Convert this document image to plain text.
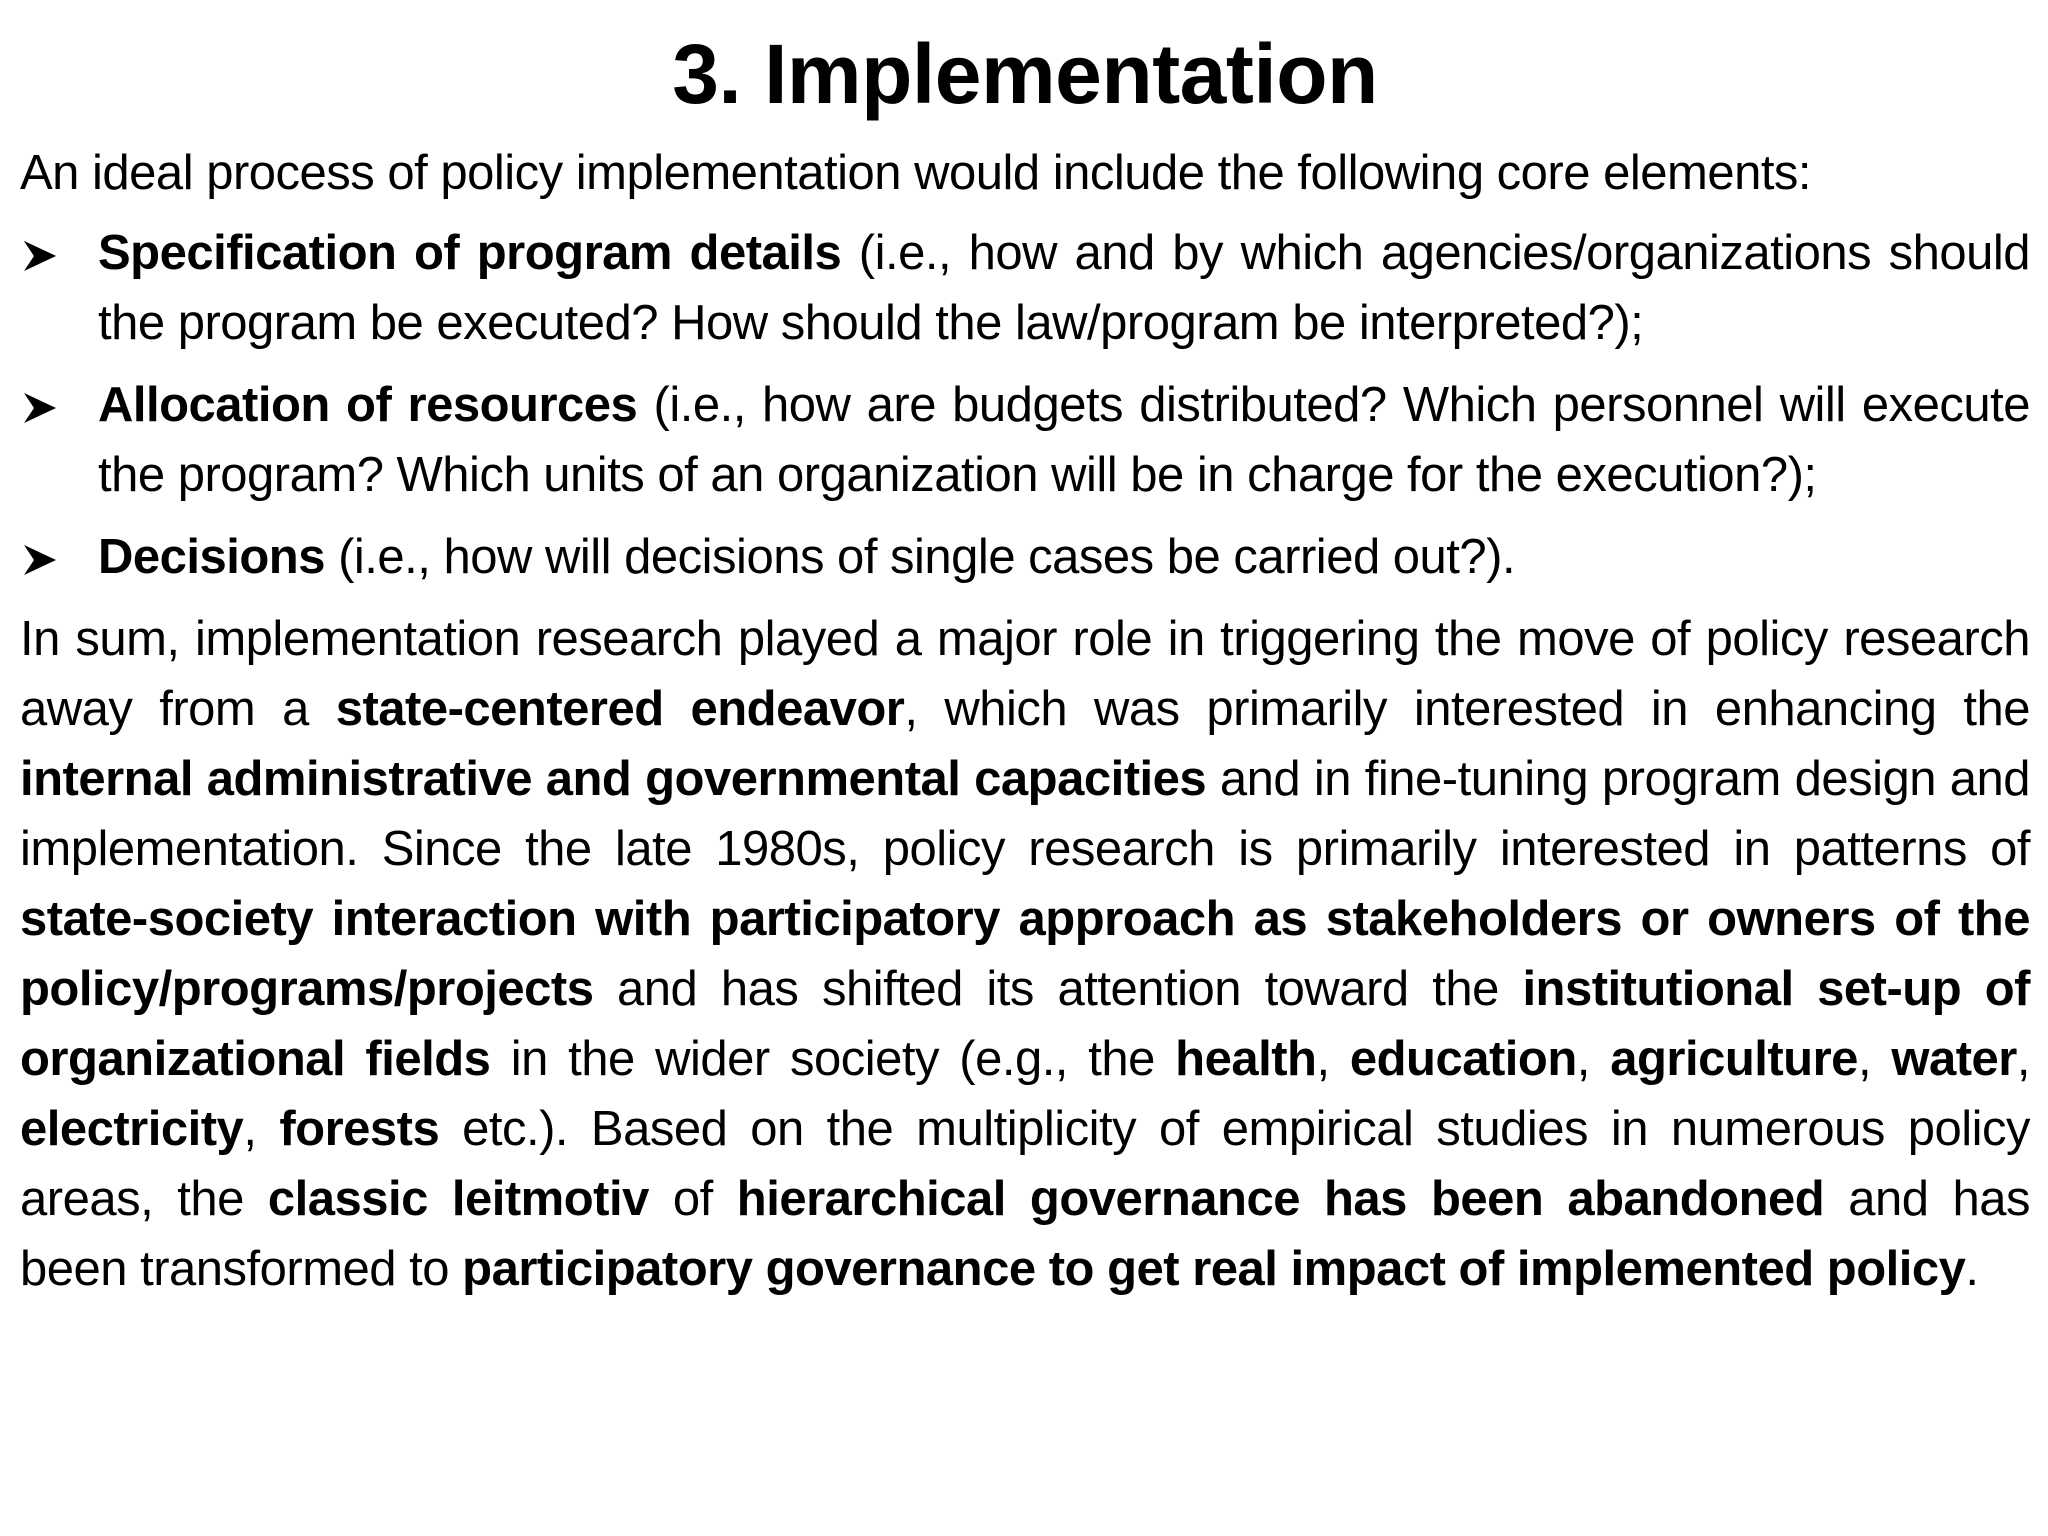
3. Implementation

An ideal process of policy implementation would include the following core elements:

Specification of program details (i.e., how and by which agencies/organizations should the program be executed? How should the law/program be interpreted?);
Allocation of resources (i.e., how are budgets distributed? Which personnel will execute the program? Which units of an organization will be in charge for the execution?);
Decisions (i.e., how will decisions of single cases be carried out?).

In sum, implementation research played a major role in triggering the move of policy research away from a state-centered endeavor, which was primarily interested in enhancing the internal administrative and governmental capacities and in fine-tuning program design and implementation. Since the late 1980s, policy research is primarily interested in patterns of state-society interaction with participatory approach as stakeholders or owners of the policy/programs/projects and has shifted its attention toward the institutional set-up of organizational fields in the wider society (e.g., the health, education, agriculture, water, electricity, forests etc.). Based on the multiplicity of empirical studies in numerous policy areas, the classic leitmotiv of hierarchical governance has been abandoned and has been transformed to participatory governance to get real impact of implemented policy.
